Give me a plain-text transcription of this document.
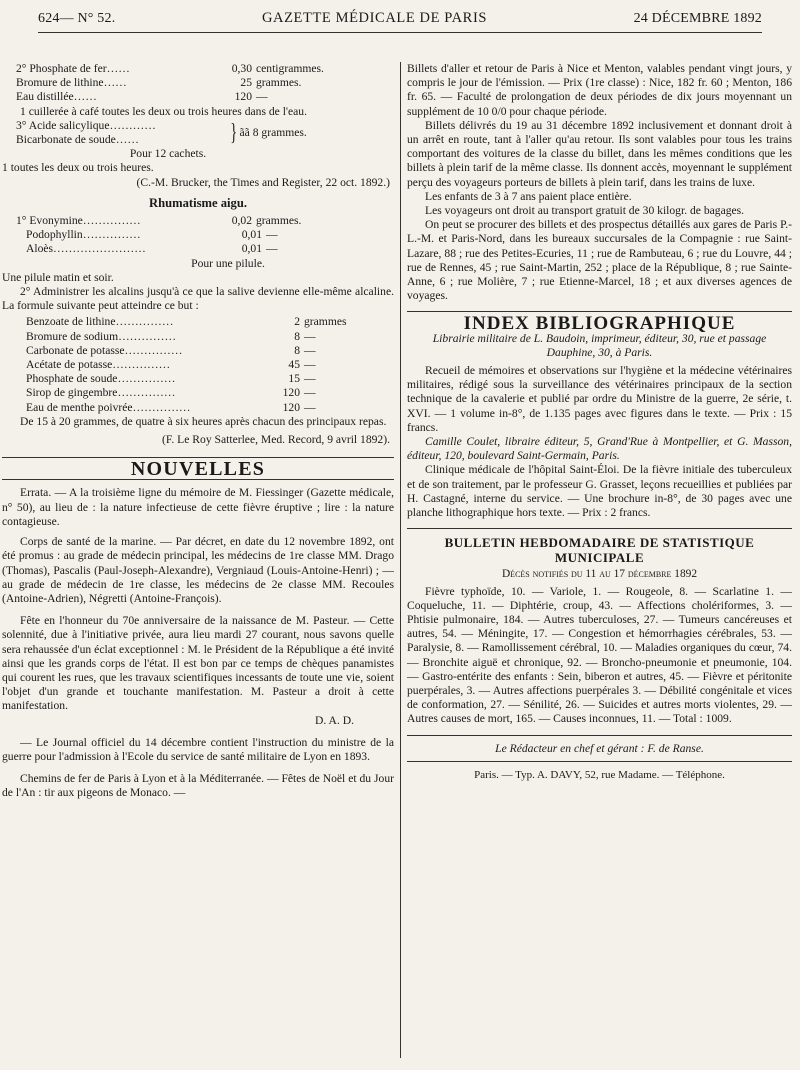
624— N° 52.	GAZETTE MÉDICALE DE PARIS	24 DÉCEMBRE 1892
2° Phosphate de fer……	0,30 centigrammes.
Bromure de lithine……	25 grammes.
Eau distillée……	120 —

1 cuillerée à café toutes les deux ou trois heures dans de l'eau.

3° Acide salicylique…………
Bicarbonate de soude……	} ãã 8 grammes.

Pour 12 cachets.

1 toutes les deux ou trois heures.

(C.-M. Brucker, the Times and Register, 22 oct. 1892.)

Rhumatisme aigu.
1° Evonymine……………	0,02 grammes.
Podophyllin……………	0,01 —
Aloès……………………	0,01 —

Pour une pilule.

Une pilule matin et soir.

2° Administrer les alcalins jusqu'à ce que la salive devienne elle-même alcaline. La formule suivante peut atteindre ce but :

Benzoate de lithine……………	2 grammes
Bromure de sodium……………	8 —
Carbonate de potasse……………	8 —
Acétate de potasse……………	45 —
Phosphate de soude……………	15 —
Sirop de gingembre……………	120 —
Eau de menthe poivrée……………	120 —

De 15 à 20 grammes, de quatre à six heures après chacun des principaux repas.

(F. Le Roy Satterlee, Med. Record, 9 avril 1892).

NOUVELLES

Errata. — A la troisième ligne du mémoire de M. Fiessinger (Gazette médicale, n° 50), au lieu de : la nature infectieuse de cette fièvre éruptive ; lire : la nature contagieuse.

Corps de santé de la marine. — Par décret, en date du 12 novembre 1892, ont été promus : au grade de médecin principal, les médecins de 1re classe MM. Drago (Thomas), Pascalis (Paul-Joseph-Alexandre), Vergniaud (Louis-Antoine-Henri) ; — au grade de médecin de 1re classe, les médecins de 2e classe MM. Recoules (Antoine-Adrien), Négretti (Antoine-François).

Fête en l'honneur du 70e anniversaire de la naissance de M. Pasteur. — Cette solennité, due à l'initiative privée, aura lieu mardi 27 courant, nous savons quelle sera rehaussée d'un éclat exceptionnel : M. le Président de la République a été invité ainsi que les grands corps de l'état. Il est bon par ce temps de chèques panamistes qui courent les rues, que les travaux scientifiques incessants de toute une vie, soient l'objet d'un grande et touchante manifestation. M. Pasteur a droit à cette manifestation.

D. A. D.

— Le Journal officiel du 14 décembre contient l'instruction du ministre de la guerre pour l'admission à l'Ecole du service de santé militaire de Lyon en 1893.

Chemins de fer de Paris à Lyon et à la Méditerranée. — Fêtes de Noël et du Jour de l'An : tir aux pigeons de Monaco. —

Billets d'aller et retour de Paris à Nice et Menton, valables pendant vingt jours, y compris le jour de l'émission. — Prix (1re classe) : Nice, 182 fr. 60 ; Menton, 186 fr. 65. — Faculté de prolongation de deux périodes de dix jours moyennant un supplément de 10 0/0 pour chaque période.

Billets délivrés du 19 au 31 décembre 1892 inclusivement et donnant droit à un arrêt en route, tant à l'aller qu'au retour. Ils sont valables pour tous les trains comportant des voitures de la classe du billet, dans les mêmes conditions que les billets à plein tarif de la même classe. Ils donnent accès, moyennant le supplément perçu des voyageurs porteurs de billets à plein tarif, dans les trains de luxe.

Les enfants de 3 à 7 ans paient place entière.

Les voyageurs ont droit au transport gratuit de 30 kilogr. de bagages.

On peut se procurer des billets et des prospectus détaillés aux gares de Paris P.-L.-M. et Paris-Nord, dans les bureaux succursales de la Compagnie : rue Saint-Lazare, 88 ; rue des Petites-Ecuries, 11 ; rue de Rambuteau, 6 ; rue du Louvre, 44 ; rue de Rennes, 45 ; rue Saint-Martin, 252 ; place de la République, 8 ; rue Sainte-Anne, 6 ; rue Molière, 7 ; rue Etienne-Marcel, 18 ; et aux diverses agences de voyages.

INDEX BIBLIOGRAPHIQUE

Librairie militaire de L. Baudoin, imprimeur, éditeur, 30, rue et passage Dauphine, 30, à Paris.

Recueil de mémoires et observations sur l'hygiène et la médecine vétérinaires militaires, rédigé sous la surveillance des vétérinaires principaux de la section technique de la cavalerie et publié par ordre du Ministre de la guerre, 2e série, t. XVI. — 1 volume in-8°, de 1.135 pages avec figures dans le texte. — Prix : 15 francs.

Camille Coulet, libraire éditeur, 5, Grand'Rue à Montpellier, et G. Masson, éditeur, 120, boulevard Saint-Germain, Paris.

Clinique médicale de l'hôpital Saint-Éloi. De la fièvre initiale des tuberculeux et de son traitement, par le professeur G. Grasset, leçons recueillies et publiées par H. Castagné, interne du service. — Une brochure in-8°, de 30 pages avec une planche lithographique hors texte. — Prix : 2 francs.

BULLETIN HEBDOMADAIRE DE STATISTIQUE MUNICIPALE
Décès notifiés du 11 au 17 décembre 1892

Fièvre typhoïde, 10. — Variole, 1. — Rougeole, 8. — Scarlatine 1. — Coqueluche, 11. — Diphtérie, croup, 43. — Affections cholériformes, 3. — Phtisie pulmonaire, 184. — Autres tuberculoses, 27. — Tumeurs cancéreuses et autres, 54. — Méningite, 17. — Congestion et hémorrhagies cérébrales, 53. — Paralysie, 8. — Ramollissement cérébral, 10. — Maladies organiques du cœur, 74. — Bronchite aiguë et chronique, 92. — Broncho-pneumonie et pneumonie, 104. — Gastro-entérite des enfants : Sein, biberon et autres, 45. — Fièvre et péritonite puerpérales, 3. — Autres affections puerpérales 3. — Débilité congénitale et vices de conformation, 27. — Sénilité, 26. — Suicides et autres morts violentes, 29. — Autres causes de mort, 165. — Causes inconnues, 11. — Total : 1009.

Le Rédacteur en chef et gérant : F. de Ranse.

Paris. — Typ. A. DAVY, 52, rue Madame. — Téléphone.
